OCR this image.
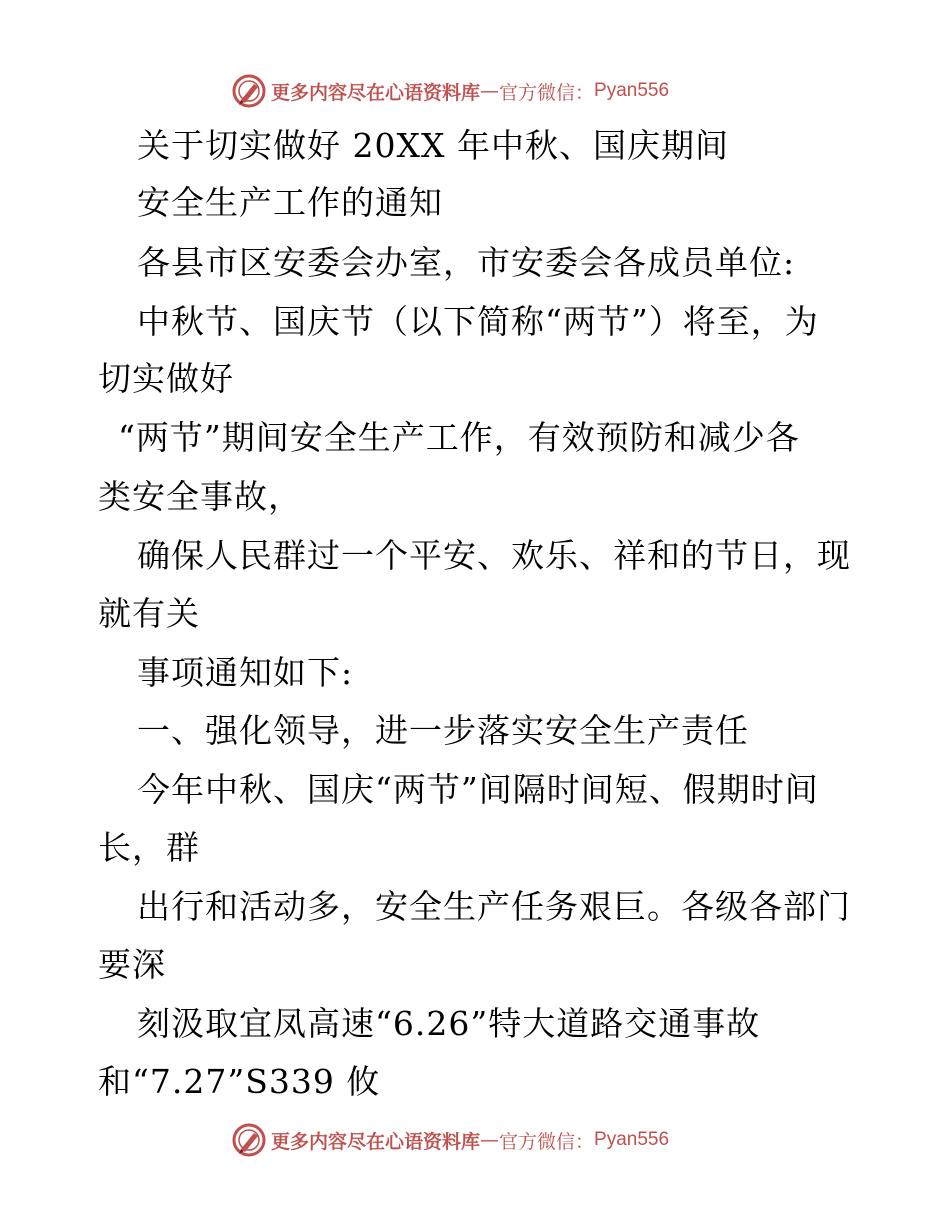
更多内容尽在心语资料库 — 官方微信： Pyan556
关于切实做好 20XX 年中秋、国庆期间
安全生产工作的通知
各县市区安委会办室，市安委会各成员单位:
中秋节、国庆节（以下简称“两节”）将至，为
切实做好
“两节”期间安全生产工作，有效预防和减少各
类安全事故，
确保人民群过一个平安、欢乐、祥和的节日，现
就有关
事项通知如下:
一、强化领导，进一步落实安全生产责任
今年中秋、国庆“两节”间隔时间短、假期时间
长，群
出行和活动多，安全生产任务艰巨。各级各部门
要深
刻汲取宜凤高速“6.26”特大道路交通事故
和“7.27”S339 攸
更多内容尽在心语资料库 — 官方微信： Pyan556
